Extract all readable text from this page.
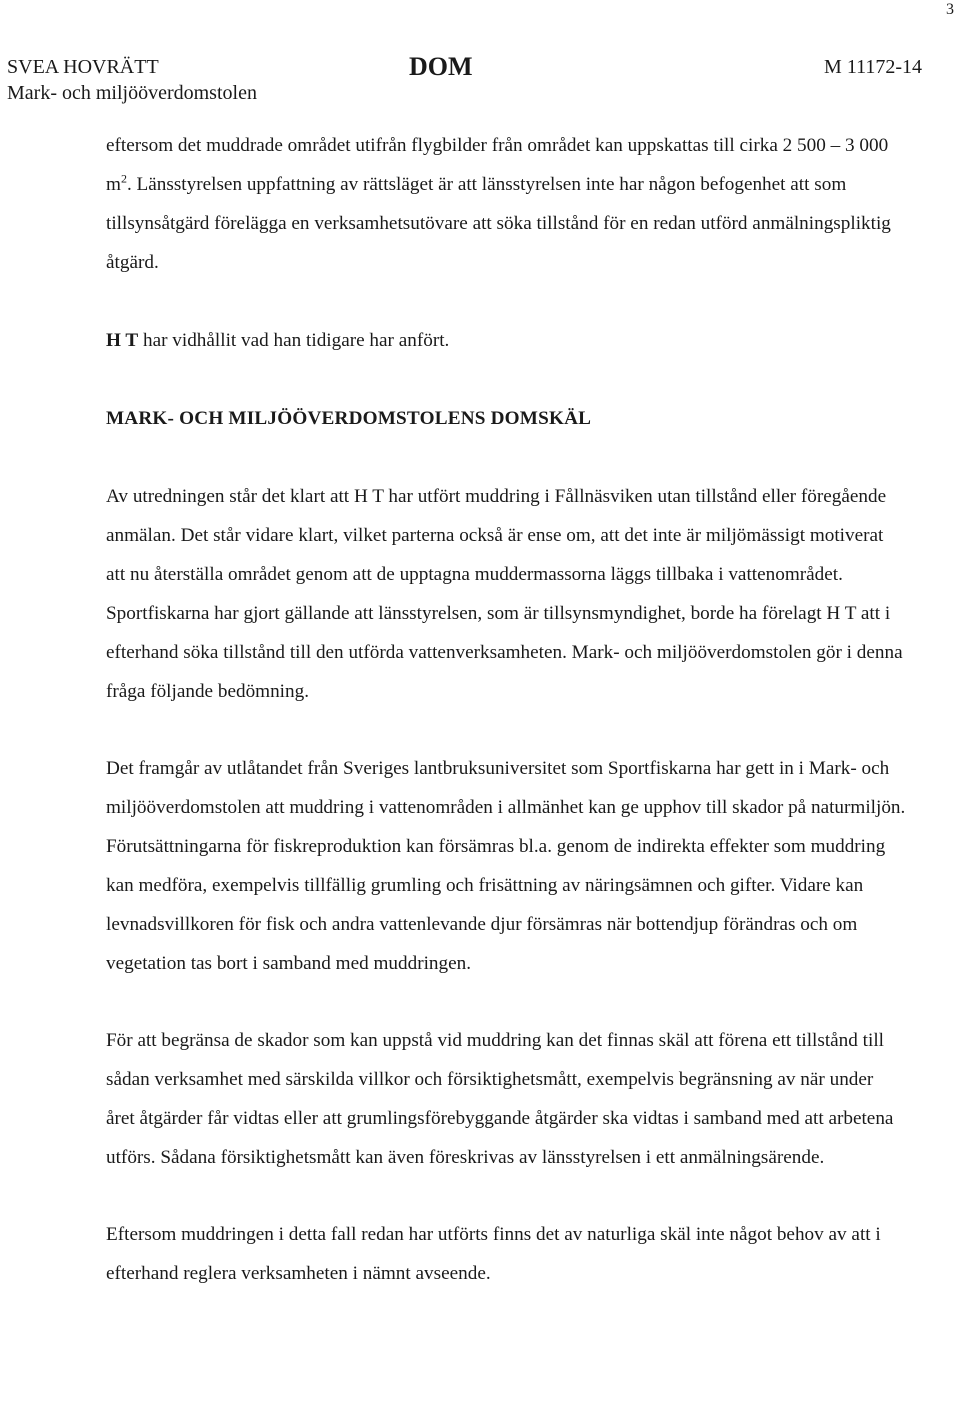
3
SVEA HOVRÄTT
Mark- och miljööverdomstolen
DOM	M 11172-14

eftersom det muddrade området utifrån flygbilder från området kan uppskattas till cirka 2 500 – 3 000 $m^2$. Länsstyrelsen uppfattning av rättsläget är att länsstyrelsen inte har någon befogenhet att som tillsynsåtgärd förelägga en verksamhetsutövare att söka tillstånd för en redan utförd anmälningspliktig åtgärd.

H T har vidhållit vad han tidigare har anfört.

MARK- OCH MILJÖÖVERDOMSTOLENS DOMSKÄL

Av utredningen står det klart att H T har utfört muddring i Fållnäsviken utan tillstånd eller föregående anmälan. Det står vidare klart, vilket parterna också är ense om, att det inte är miljömässigt motiverat att nu återställa området genom att de upptagna muddermassorna läggs tillbaka i vattenområdet. Sportfiskarna har gjort gällande att länsstyrelsen, som är tillsynsmyndighet, borde ha förelagt H T att i efterhand söka tillstånd till den utförda vattenverksamheten. Mark- och miljööverdomstolen gör i denna fråga följande bedömning.

Det framgår av utlåtandet från Sveriges lantbruksuniversitet som Sportfiskarna har gett in i Mark- och miljööverdomstolen att muddring i vattenområden i allmänhet kan ge upphov till skador på naturmiljön. Förutsättningarna för fiskreproduktion kan försämras bl.a. genom de indirekta effekter som muddring kan medföra, exempelvis tillfällig grumling och frisättning av näringsämnen och gifter. Vidare kan levnadsvillkoren för fisk och andra vattenlevande djur försämras när bottendjup förändras och om vegetation tas bort i samband med muddringen.

För att begränsa de skador som kan uppstå vid muddring kan det finnas skäl att förena ett tillstånd till sådan verksamhet med särskilda villkor och försiktighetsmått, exempelvis begränsning av när under året åtgärder får vidtas eller att grumlingsförebyggande åtgärder ska vidtas i samband med att arbetena utförs. Sådana försiktighetsmått kan även föreskrivas av länsstyrelsen i ett anmälningsärende.

Eftersom muddringen i detta fall redan har utförts finns det av naturliga skäl inte något behov av att i efterhand reglera verksamheten i nämnt avseende.
